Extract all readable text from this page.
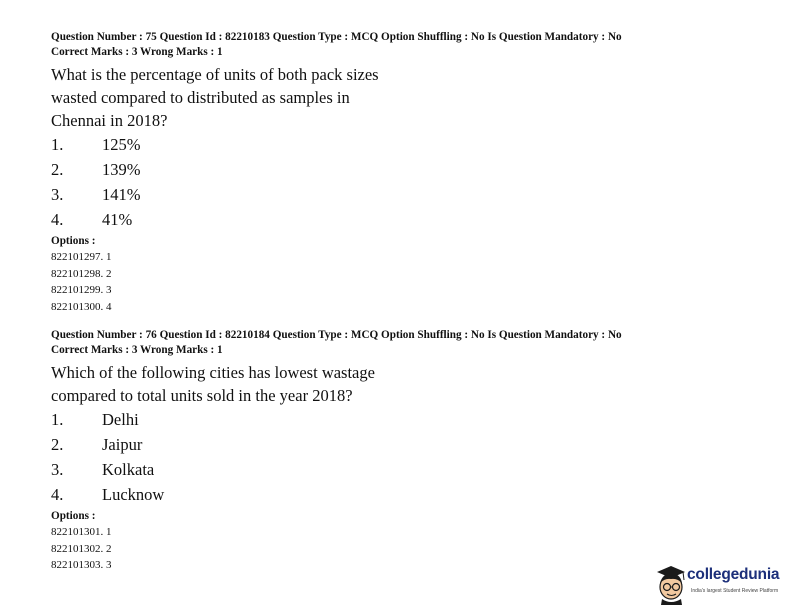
Question Number : 75 Question Id : 82210183 Question Type : MCQ Option Shuffling : No Is Question Mandatory : No
Correct Marks : 3 Wrong Marks : 1
What is the percentage of units of both pack sizes
wasted compared to distributed as samples in
Chennai in 2018?
1. 125%
2. 139%
3. 141%
4. 41%
Options :
822101297. 1
822101298. 2
822101299. 3
822101300. 4
Question Number : 76 Question Id : 82210184 Question Type : MCQ Option Shuffling : No Is Question Mandatory : No
Correct Marks : 3 Wrong Marks : 1
Which of the following cities has lowest wastage
compared to total units sold in the year 2018?
1. Delhi
2. Jaipur
3. Kolkata
4. Lucknow
Options :
822101301. 1
822101302. 2
822101303. 3
collegedunia
India's largest Student Review Platform
